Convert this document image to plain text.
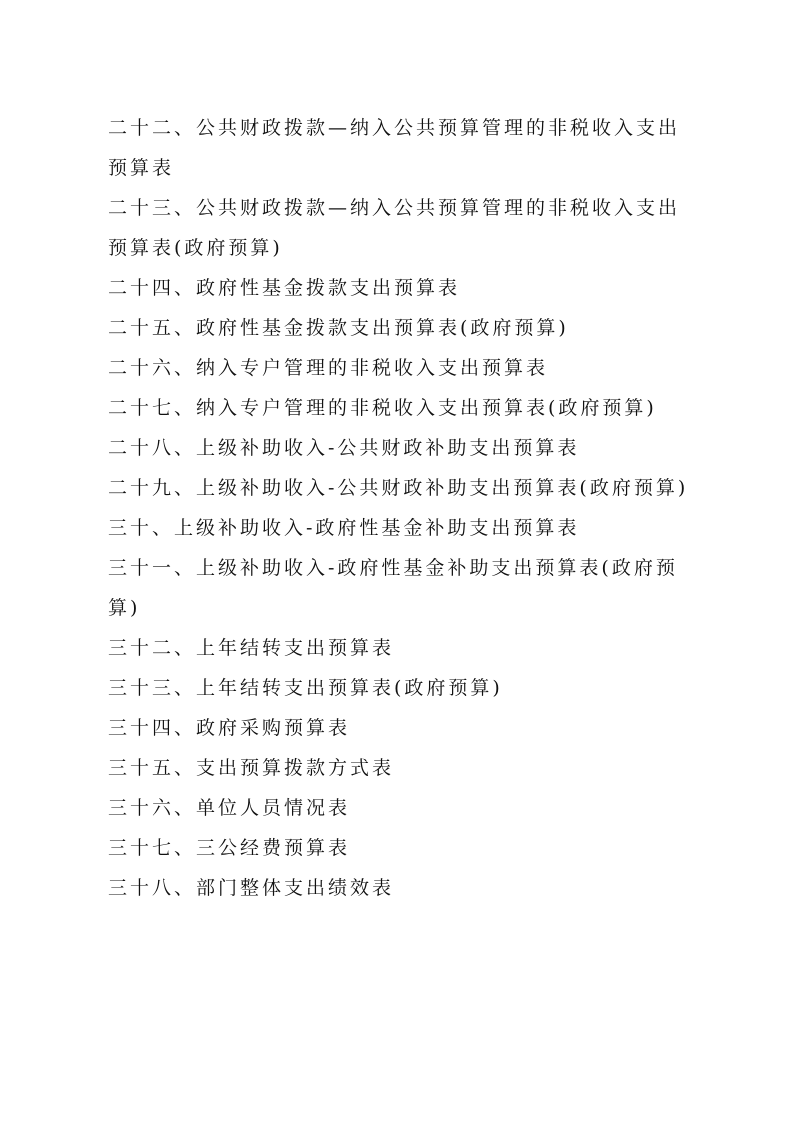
二十二、公共财政拨款—纳入公共预算管理的非税收入支出预算表
二十三、公共财政拨款—纳入公共预算管理的非税收入支出预算表(政府预算)
二十四、政府性基金拨款支出预算表
二十五、政府性基金拨款支出预算表(政府预算)
二十六、纳入专户管理的非税收入支出预算表
二十七、纳入专户管理的非税收入支出预算表(政府预算)
二十八、上级补助收入-公共财政补助支出预算表
二十九、上级补助收入-公共财政补助支出预算表(政府预算)
三十、上级补助收入-政府性基金补助支出预算表
三十一、上级补助收入-政府性基金补助支出预算表(政府预算)
三十二、上年结转支出预算表
三十三、上年结转支出预算表(政府预算)
三十四、政府采购预算表
三十五、支出预算拨款方式表
三十六、单位人员情况表
三十七、三公经费预算表
三十八、部门整体支出绩效表
